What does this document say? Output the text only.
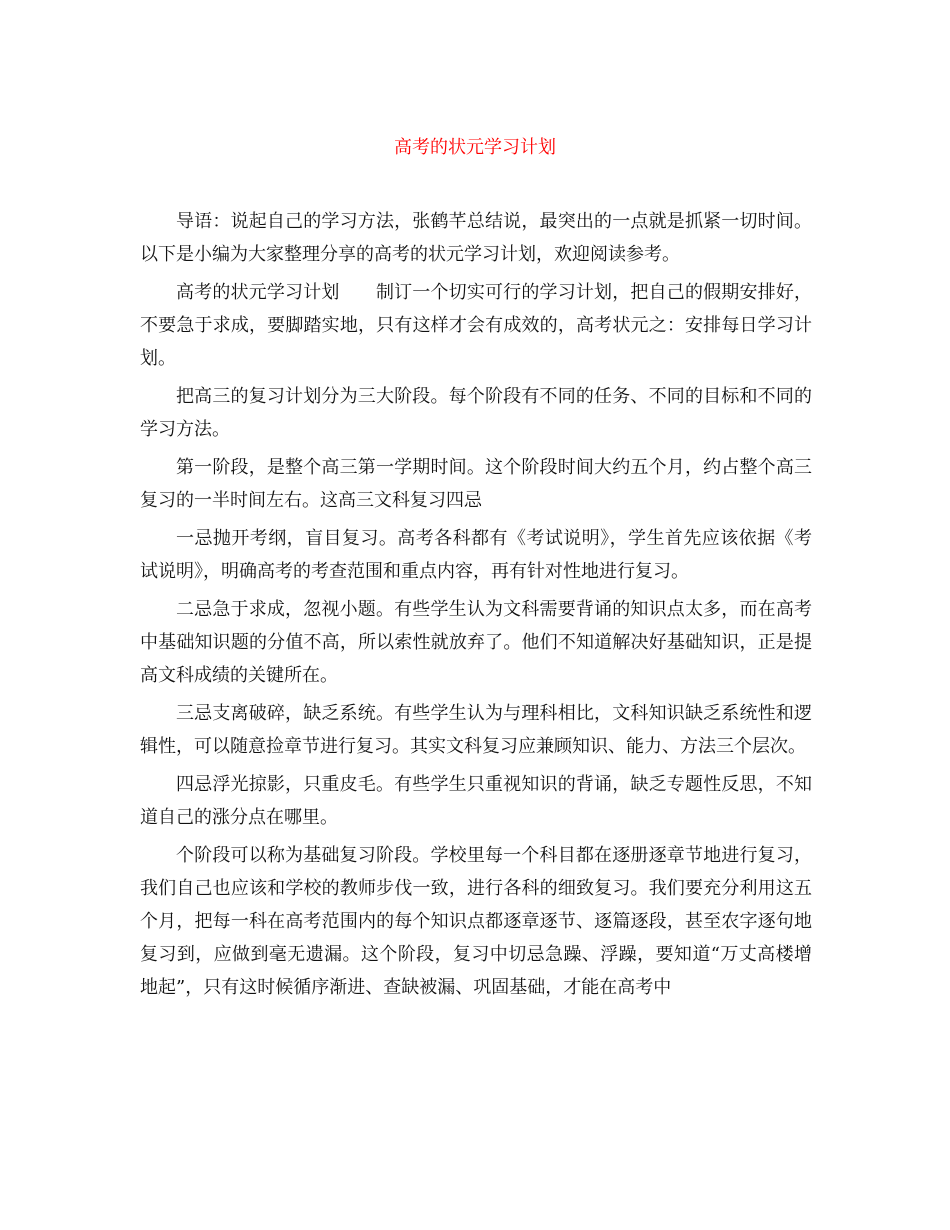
高考的状元学习计划

导语：说起自己的学习方法，张鹤芊总结说，最突出的一点就是抓紧一切时间。以下是小编为大家整理分享的高考的状元学习计划，欢迎阅读参考。

高考的状元学习计划　　制订一个切实可行的学习计划，把自己的假期安排好，不要急于求成，要脚踏实地，只有这样才会有成效的，高考状元之：安排每日学习计划。

把高三的复习计划分为三大阶段。每个阶段有不同的任务、不同的目标和不同的学习方法。

第一阶段，是整个高三第一学期时间。这个阶段时间大约五个月，约占整个高三复习的一半时间左右。这高三文科复习四忌

一忌抛开考纲，盲目复习。高考各科都有《考试说明》，学生首先应该依据《考试说明》，明确高考的考查范围和重点内容，再有针对性地进行复习。

二忌急于求成，忽视小题。有些学生认为文科需要背诵的知识点太多，而在高考中基础知识题的分值不高，所以索性就放弃了。他们不知道解决好基础知识，正是提高文科成绩的关键所在。

三忌支离破碎，缺乏系统。有些学生认为与理科相比，文科知识缺乏系统性和逻辑性，可以随意捡章节进行复习。其实文科复习应兼顾知识、能力、方法三个层次。

四忌浮光掠影，只重皮毛。有些学生只重视知识的背诵，缺乏专题性反思，不知道自己的涨分点在哪里。

个阶段可以称为基础复习阶段。学校里每一个科目都在逐册逐章节地进行复习，我们自己也应该和学校的教师步伐一致，进行各科的细致复习。我们要充分利用这五个月，把每一科在高考范围内的每个知识点都逐章逐节、逐篇逐段，甚至农字逐句地复习到，应做到毫无遗漏。这个阶段，复习中切忌急躁、浮躁，要知道“万丈高楼增地起”，只有这时候循序渐进、查缺被漏、巩固基础，才能在高考中
